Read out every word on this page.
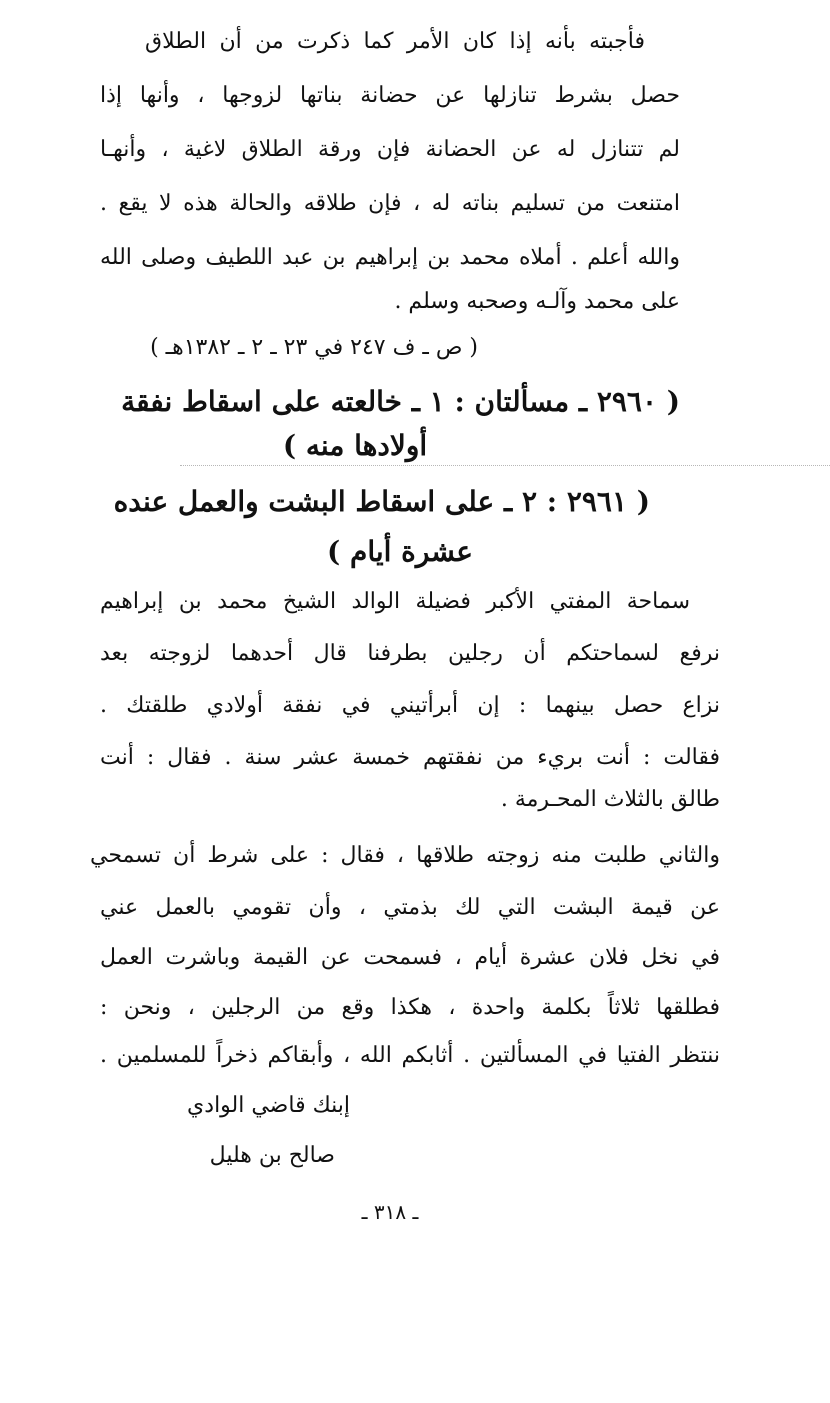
فأجبته بأنه إذا كان الأمر كما ذكرت من أن الطلاق
حصل بشرط تنازلها عن حضانة بناتها لزوجها ، وأنها إذا
لم تتنازل له عن الحضانة فإن ورقة الطلاق لاغية ، وأنهـا
امتنعت من تسليم بناته له ، فإن طلاقه والحالة هذه لا يقع .
والله أعلم . أملاه محمد بن إبراهيم بن عبد اللطيف وصلى الله
على محمد وآلـه وصحبه وسلم .
( ص ـ ف ٢٤٧ في ٢٣ ـ ٢ ـ ١٣٨٢هـ )
( ٢٩٦٠ ـ مسألتان : ١ ـ خالعته على اسقاط نفقة
أولادها منه )
( ٢٩٦١ : ٢ ـ على اسقاط البشت والعمل عنده
عشرة أيام )
سماحة المفتي الأكبر فضيلة الوالد الشيخ محمد بن إبراهيم
نرفع لسماحتكم أن رجلين بطرفنا قال أحدهما لزوجته بعد
نزاع حصل بينهما : إن أبرأتيني في نفقة أولادي طلقتك .
فقالت : أنت بريء من نفقتهم خمسة عشر سنة . فقال : أنت
طالق بالثلاث المحـرمة .
والثاني طلبت منه زوجته طلاقها ، فقال : على شرط أن تسمحي
عن قيمة البشت التي لك بذمتي ، وأن تقومي بالعمل عني
في نخل فلان عشرة أيام ، فسمحت عن القيمة وباشرت العمل
فطلقها ثلاثاً بكلمة واحدة ، هكذا وقع من الرجلين ، ونحن :
ننتظر الفتيا في المسألتين . أثابكم الله ، وأبقاكم ذخراً للمسلمين .
إبنك قاضي الوادي
صالح بن هليل
ـ ٣١٨ ـ
